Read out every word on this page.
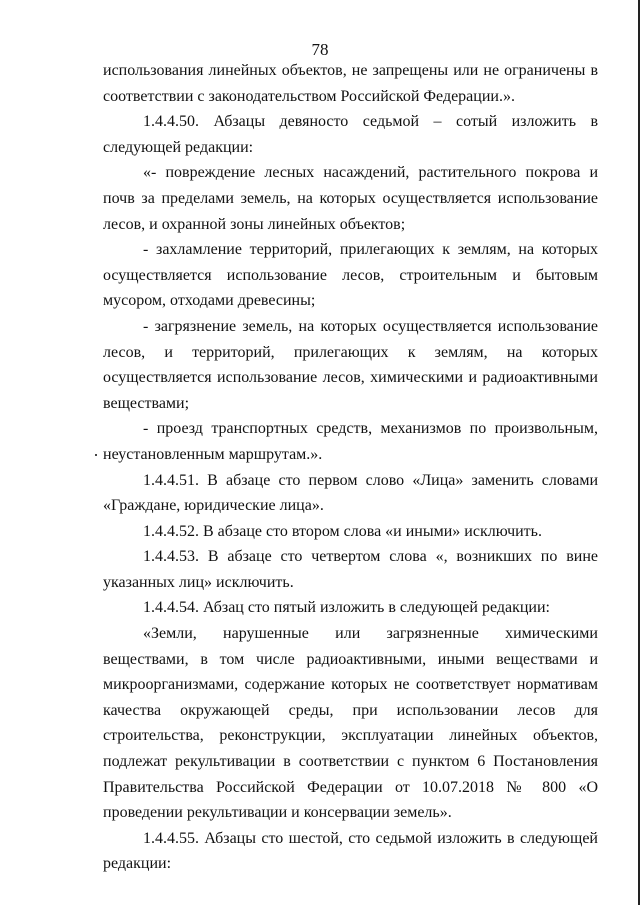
78

использования линейных объектов, не запрещены или не ограничены в соответствии с законодательством Российской Федерации.».

1.4.4.50. Абзацы девяносто седьмой – сотый изложить в следующей редакции:

«- повреждение лесных насаждений, растительного покрова и почв за пределами земель, на которых осуществляется использование лесов, и охранной зоны линейных объектов;

- захламление территорий, прилегающих к землям, на которых осуществляется использование лесов, строительным и бытовым мусором, отходами древесины;

- загрязнение земель, на которых осуществляется использование лесов, и территорий, прилегающих к землям, на которых осуществляется использование лесов, химическими и радиоактивными веществами;

- проезд транспортных средств, механизмов по произвольным, неустановленным маршрутам.».

1.4.4.51. В абзаце сто первом слово «Лица» заменить словами «Граждане, юридические лица».

1.4.4.52. В абзаце сто втором слова «и иными» исключить.

1.4.4.53. В абзаце сто четвертом слова «, возникших по вине указанных лиц» исключить.

1.4.4.54. Абзац сто пятый изложить в следующей редакции:

«Земли, нарушенные или загрязненные химическими веществами, в том числе радиоактивными, иными веществами и микроорганизмами, содержание которых не соответствует нормативам качества окружающей среды, при использовании лесов для строительства, реконструкции, эксплуатации линейных объектов, подлежат рекультивации в соответствии с пунктом 6 Постановления Правительства Российской Федерации от 10.07.2018 № 800 «О проведении рекультивации и консервации земель».

1.4.4.55. Абзацы сто шестой, сто седьмой изложить в следующей редакции:
